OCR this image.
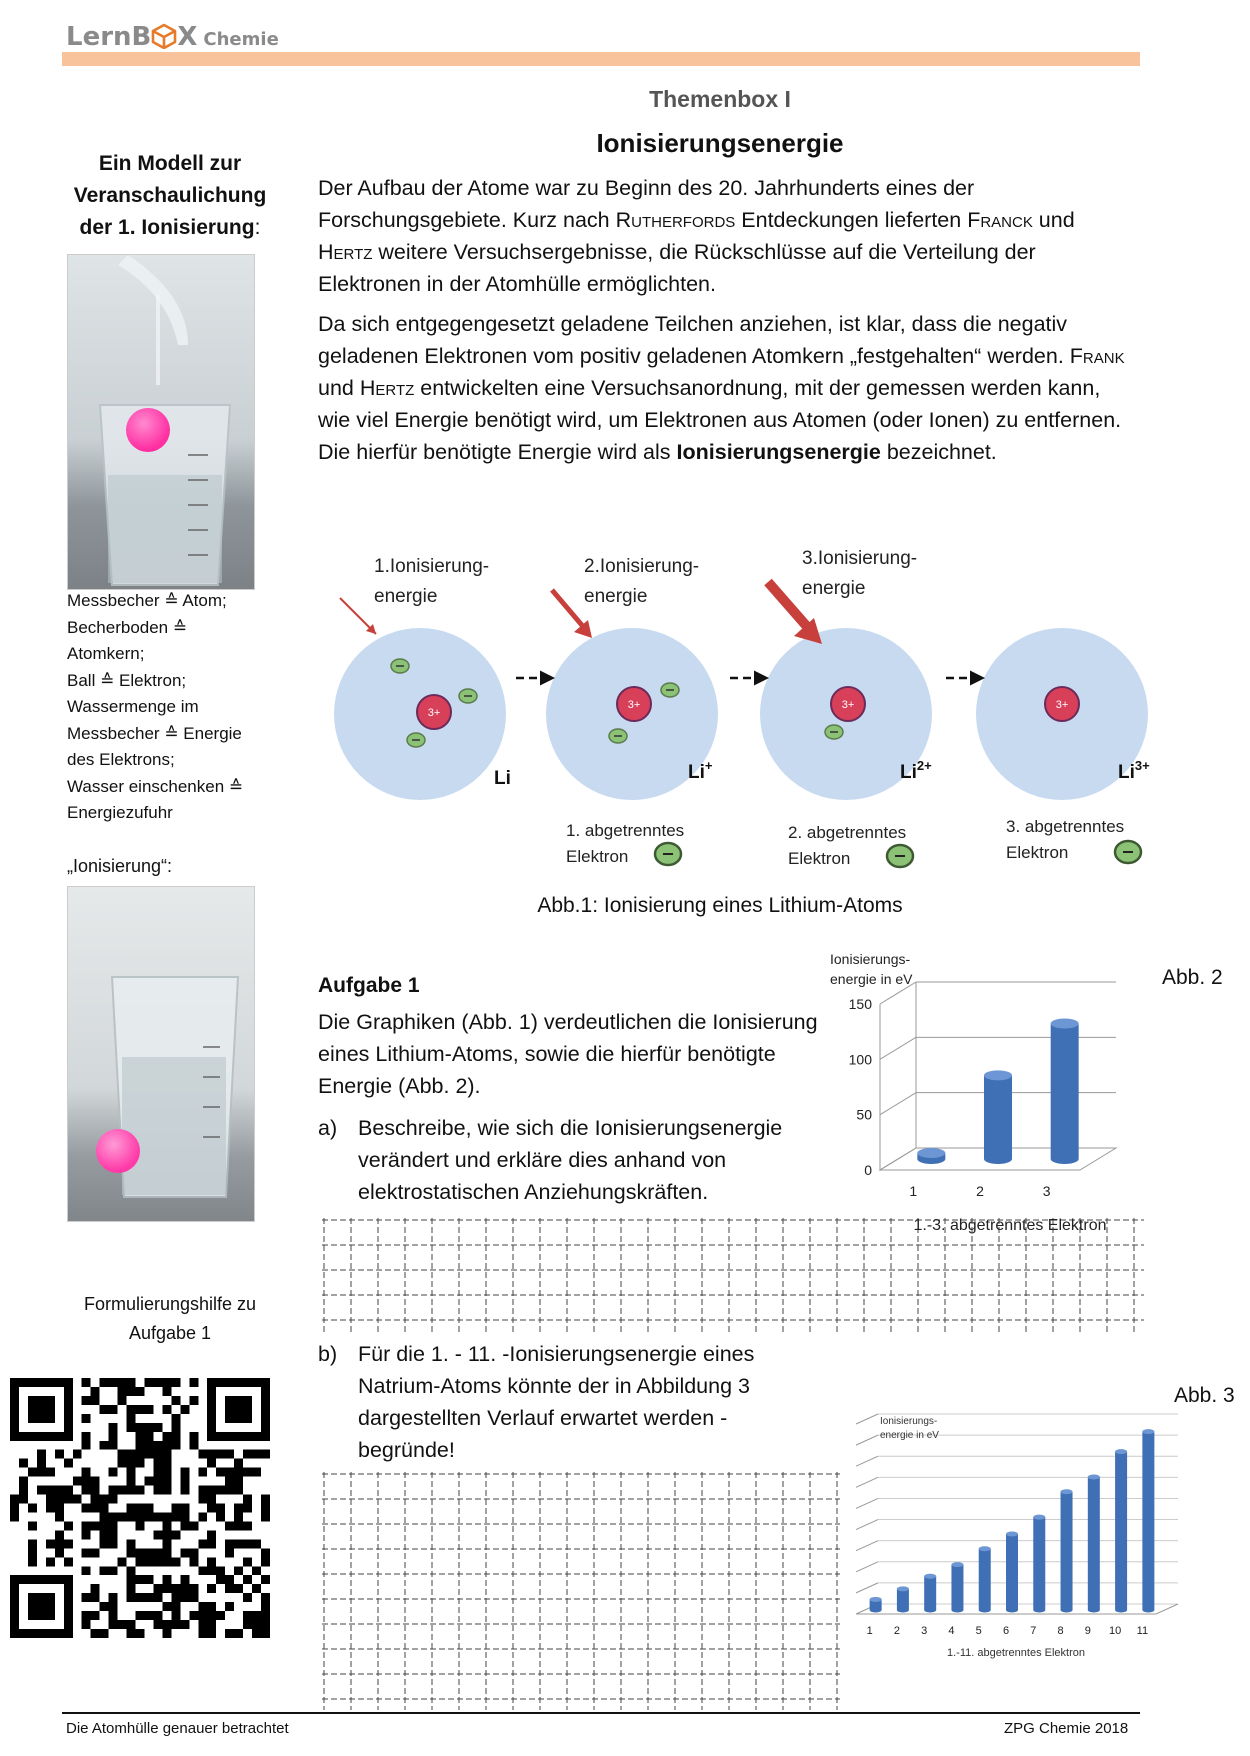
LernB X Chemie
Themenbox I
Ionisierungsenergie

Der Aufbau der Atome war zu Beginn des 20. Jahrhunderts eines der Forschungsgebiete. Kurz nach Rutherfords Entdeckungen lieferten Franck und Hertz weitere Versuchsergebnisse, die Rückschlüsse auf die Verteilung der Elektronen in der Atomhülle ermöglichten.

Da sich entgegengesetzt geladene Teilchen anziehen, ist klar, dass die negativ geladenen Elektronen vom positiv geladenen Atomkern „festgehalten“ werden. Frank und Hertz entwickelten eine Versuchsanordnung, mit der gemessen werden kann, wie viel Energie benötigt wird, um Elektronen aus Atomen (oder Ionen) zu entfernen. Die hierfür benötigte Energie wird als Ionisierungsenergie bezeichnet.

Ein Modell zur
Veranschaulichung
der 1. Ionisierung:
Messbecher ≙ Atom;
Becherboden ≙
Atomkern;
Ball ≙ Elektron;
Wassermenge im
Messbecher ≙ Energie
des Elektrons;
Wasser einschenken ≙
Energiezufuhr
„Ionisierung“:
Formulierungshilfe zu
Aufgabe 1
1.Ionisierung-
energie
2.Ionisierung-
energie
3.Ionisierung-
energie
3+
3+	3+	3+
Li	Li+	$Li^{2+}$	$Li^{3+}$
1. abgetrenntes
Elektron
2. abgetrenntes
Elektron
3. abgetrenntes
Elektron
Abb.1: Ionisierung eines Lithium-Atoms
Aufgabe 1

Die Graphiken (Abb. 1) verdeutlichen die Ionisierung eines Lithium-Atoms, sowie die hierfür benötigte Energie (Abb. 2).

a) Beschreibe, wie sich die Ionisierungsenergie verändert und erkläre dies anhand von elektrostatischen Anziehungskräften.
b) Für die 1. - 11. -Ionisierungsenergie eines Natrium-Atoms könnte der in Abbildung 3 dargestellten Verlauf erwartet werden - begründe!
Abb. 2
Abb. 3
0
50
100
150
1	2	3
Ionisierungs-
energie in eV
1.-3. abgetrenntes Elektron
1 2 3 4 5 6 7 8 9 10 11
Ionisierungs-
energie in eV
1.-11. abgetrenntes Elektron
Die Atomhülle genauer betrachtet	ZPG Chemie 2018
